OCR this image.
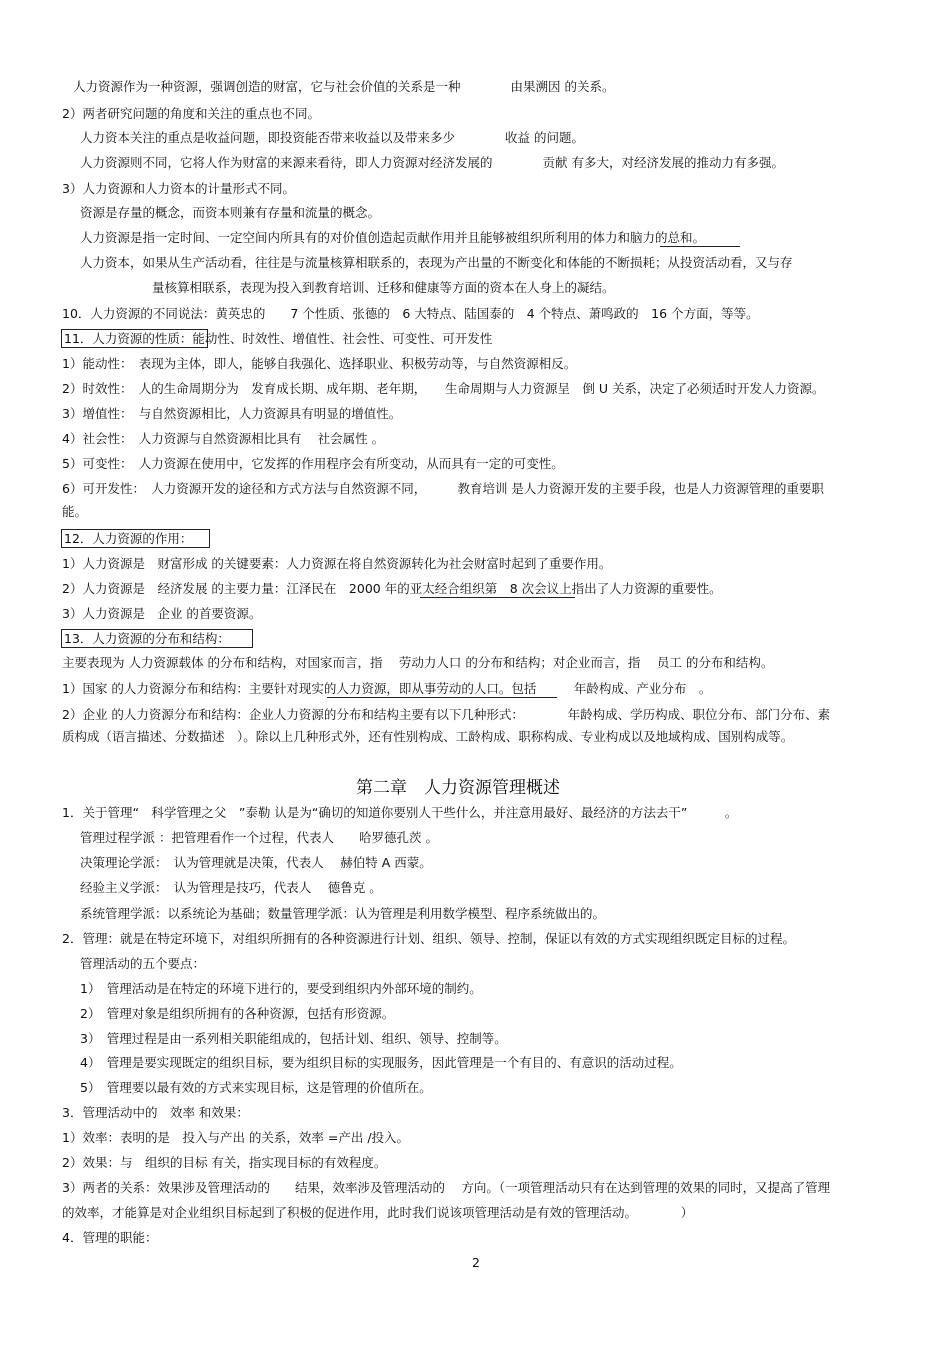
人力资源作为一种资源，强调创造的财富，它与社会价值的关系是一种　　　　由果溯因 的关系。
2）两者研究问题的角度和关注的重点也不同。
人力资本关注的重点是收益问题，即投资能否带来收益以及带来多少　　　　收益 的问题。
人力资源则不同，它将人作为财富的来源来看待，即人力资源对经济发展的　　　　贡献 有多大，对经济发展的推动力有多强。
3）人力资源和人力资本的计量形式不同。
资源是存量的概念，而资本则兼有存量和流量的概念。
人力资源是指一定时间、一定空间内所具有的对价值创造起贡献作用并且能够被组织所利用的体力和脑力的总和。
人力资本，如果从生产活动看，往往是与流量核算相联系的，表现为产出量的不断变化和体能的不断损耗；从投资活动看，又与存
量核算相联系，表现为投入到教育培训、迁移和健康等方面的资本在人身上的凝结。
10．人力资源的不同说法：黄英忠的　　7 个性质、张德的　6 大特点、陆国泰的　4 个特点、萧鸣政的　16 个方面，等等。
11．人力资源的性质：能动性、时效性、增值性、社会性、可变性、可开发性
1）能动性：　表现为主体，即人，能够自我强化、选择职业、积极劳动等，与自然资源相反。
2）时效性：　人的生命周期分为　发育成长期、成年期、老年期，　　生命周期与人力资源呈　倒 U 关系，决定了必须适时开发人力资源。
3）增值性：　与自然资源相比，人力资源具有明显的增值性。
4）社会性：　人力资源与自然资源相比具有　 社会属性 。
5）可变性：　人力资源在使用中，它发挥的作用程序会有所变动，从而具有一定的可变性。
6）可开发性：　人力资源开发的途径和方式方法与自然资源不同，　　　教育培训 是人力资源开发的主要手段，也是人力资源管理的重要职
能。
12．人力资源的作用：
1）人力资源是　财富形成 的关键要素：人力资源在将自然资源转化为社会财富时起到了重要作用。
2）人力资源是　经济发展 的主要力量：江泽民在　2000 年的亚太经合组织第　8 次会议上指出了人力资源的重要性。
3）人力资源是　企业 的首要资源。
13．人力资源的分布和结构：
主要表现为 人力资源载体 的分布和结构，对国家而言，指　 劳动力人口 的分布和结构；对企业而言，指　 员工 的分布和结构。
1）国家 的人力资源分布和结构：主要针对现实的人力资源，即从事劳动的人口。包括　　　年龄构成、产业分布　。
2）企业 的人力资源分布和结构：企业人力资源的分布和结构主要有以下几种形式：　　　　年龄构成、学历构成、职位分布、部门分布、素
质构成（语言描述、分数描述　）。除以上几种形式外，还有性别构成、工龄构成、职称构成、专业构成以及地域构成、国别构成等。
第二章　人力资源管理概述
1．关于管理“　科学管理之父　”泰勒 认是为“确切的知道你要别人干些什么，并注意用最好、最经济的方法去干”　　　。
管理过程学派 ：把管理看作一个过程，代表人　　哈罗德孔茨 。
决策理论学派：　认为管理就是决策，代表人　 赫伯特 A 西蒙。
经验主义学派：　认为管理是技巧，代表人　 德鲁克 。
系统管理学派：以系统论为基础；数量管理学派：认为管理是利用数学模型、程序系统做出的。
2．管理：就是在特定环境下，对组织所拥有的各种资源进行计划、组织、领导、控制，保证以有效的方式实现组织既定目标的过程。
管理活动的五个要点：
1）　管理活动是在特定的环境下进行的，要受到组织内外部环境的制约。
2）　管理对象是组织所拥有的各种资源，包括有形资源。
3）　管理过程是由一系列相关职能组成的，包括计划、组织、领导、控制等。
4）　管理是要实现既定的组织目标，要为组织目标的实现服务，因此管理是一个有目的、有意识的活动过程。
5）　管理要以最有效的方式来实现目标，这是管理的价值所在。
3．管理活动中的　效率 和效果：
1）效率：表明的是　投入与产出 的关系，效率 =产出 /投入。
2）效果：与　组织的目标 有关，指实现目标的有效程度。
3）两者的关系：效果涉及管理活动的　　结果，效率涉及管理活动的　 方向。（一项管理活动只有在达到管理的效果的同时，又提高了管理
的效率，才能算是对企业组织目标起到了积极的促进作用，此时我们说该项管理活动是有效的管理活动。　　　　）
4．管理的职能：
2
